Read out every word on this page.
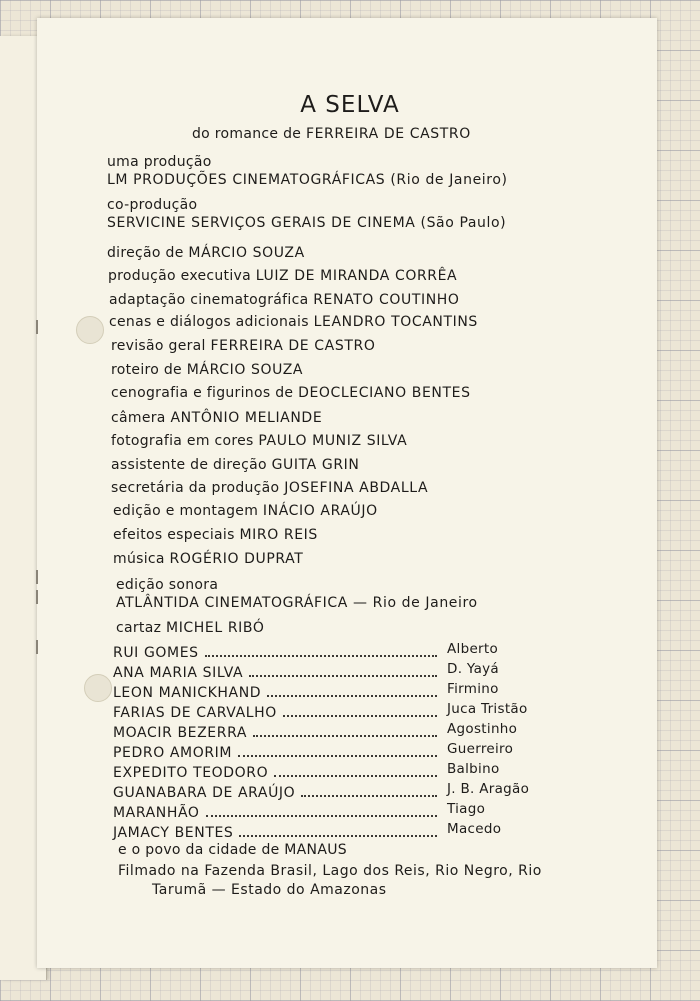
A SELVA
do romance de FERREIRA DE CASTRO
uma produção
LM PRODUÇÕES CINEMATOGRÁFICAS (Rio de Janeiro)
co-produção
SERVICINE SERVIÇOS GERAIS DE CINEMA (São Paulo)
direção de MÁRCIO SOUZA
produção executiva LUIZ DE MIRANDA CORRÊA
adaptação cinematográfica RENATO COUTINHO
cenas e diálogos adicionais LEANDRO TOCANTINS
revisão geral FERREIRA DE CASTRO
roteiro de MÁRCIO SOUZA
cenografia e figurinos de DEOCLECIANO BENTES
câmera ANTÔNIO MELIANDE
fotografia em cores PAULO MUNIZ SILVA
assistente de direção GUITA GRIN
secretária da produção JOSEFINA ABDALLA
edição e montagem INÁCIO ARAÚJO
efeitos especiais MIRO REIS
música ROGÉRIO DUPRAT
edição sonora
ATLÂNTIDA CINEMATOGRÁFICA — Rio de Janeiro
cartaz MICHEL RIBÓ
RUI GOMES	Alberto
ANA MARIA SILVA	D. Yayá
LEON MANICKHAND	Firmino
FARIAS DE CARVALHO	Juca Tristão
MOACIR BEZERRA	Agostinho
PEDRO AMORIM	Guerreiro
EXPEDITO TEODORO	Balbino
GUANABARA DE ARAÚJO	J. B. Aragão
MARANHÃO	Tiago
JAMACY BENTES	Macedo
e o povo da cidade de MANAUS
Filmado na Fazenda Brasil, Lago dos Reis, Rio Negro, Rio
Tarumã — Estado do Amazonas
